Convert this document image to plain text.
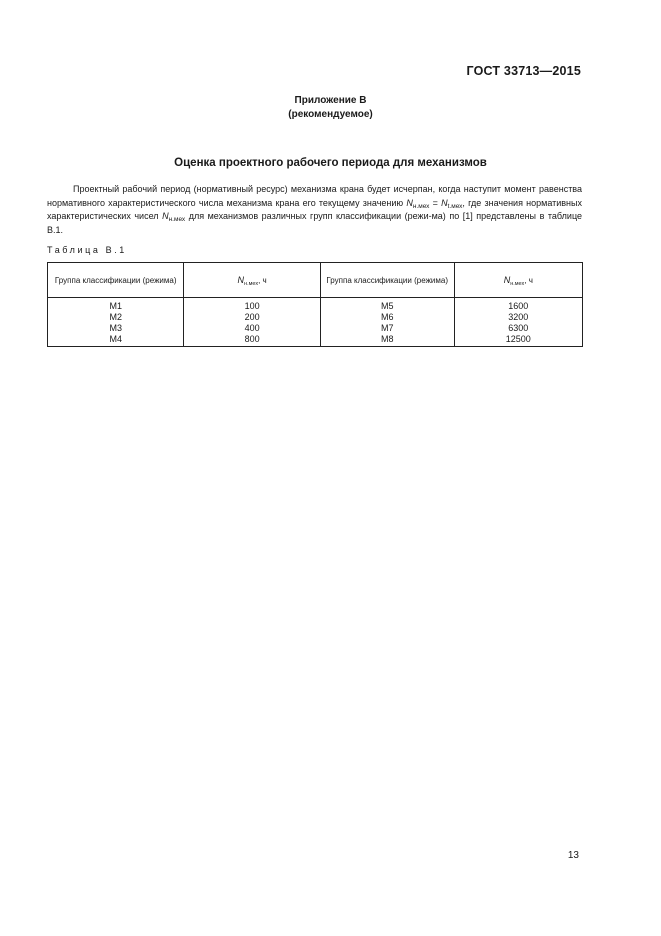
ГОСТ 33713—2015
Приложение В
(рекомендуемое)
Оценка проектного рабочего периода для механизмов
Проектный рабочий период (нормативный ресурс) механизма крана будет исчерпан, когда наступит момент равенства нормативного характеристического числа механизма крана его текущему значению $N_{н.мех} = N_{t.мех}$, где значения нормативных характеристических чисел $N_{н.мех}$ для механизмов различных групп классификации (режи-ма) по [1] представлены в таблице В.1.
Таблица В.1
Группа классификации (режима)	$N_{н.мех}$, ч	Группа классификации (режима)	$N_{н.мех}$, ч
M1	100	M5	1600
M2	200	M6	3200
M3	400	M7	6300
M4	800	M8	12500
13
